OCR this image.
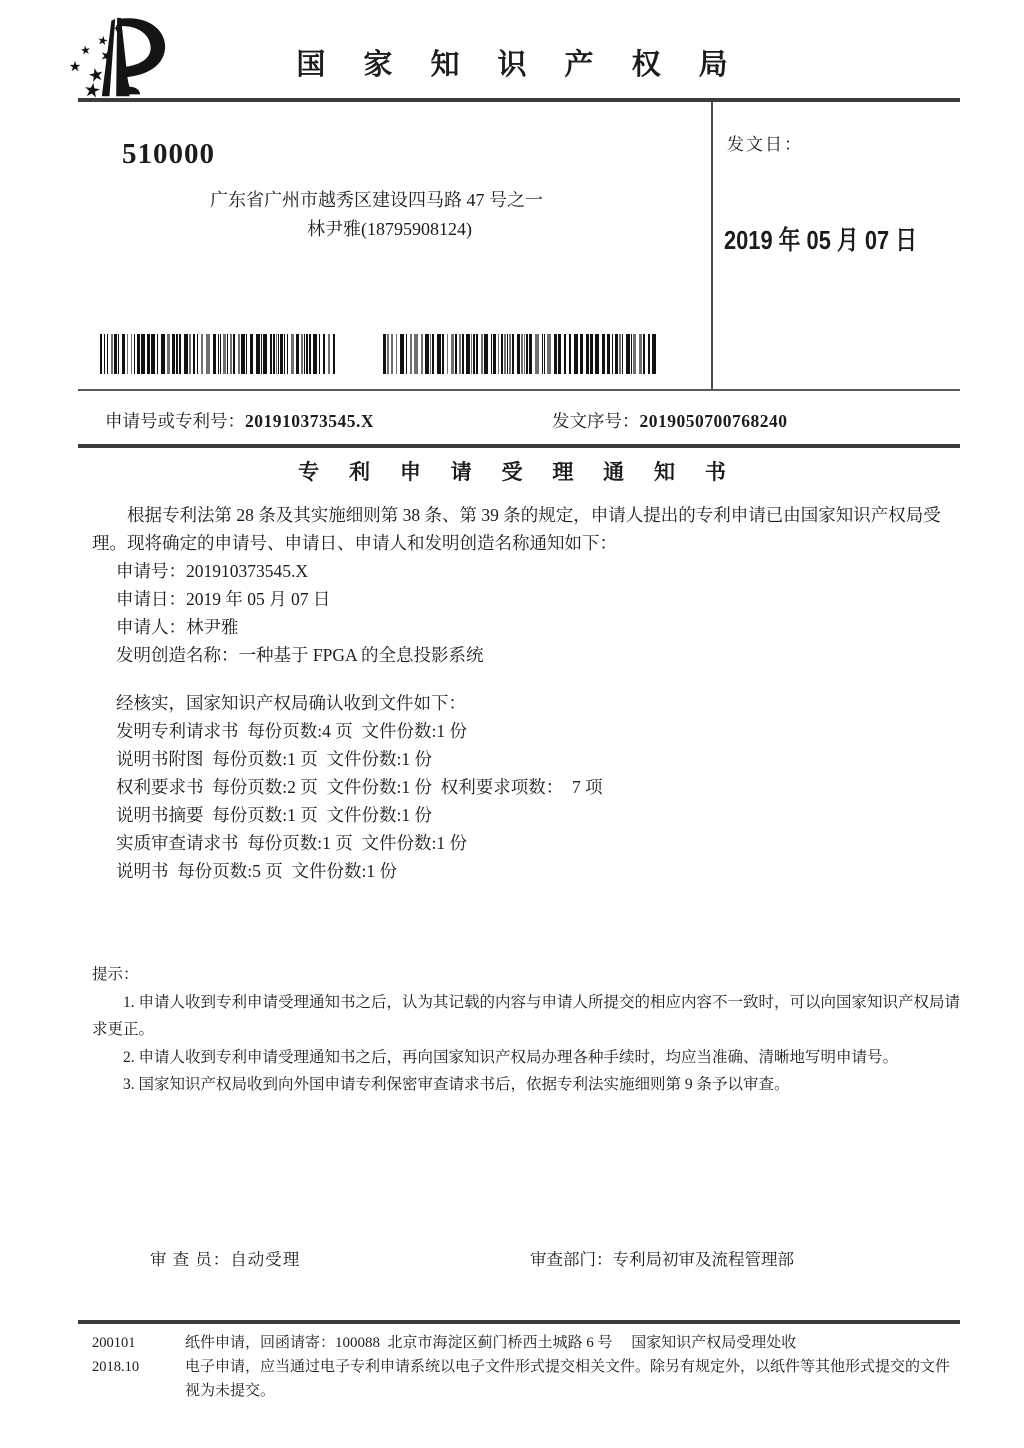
国 家 知 识 产 权 局
510000
广东省广州市越秀区建设四马路 47 号之一
林尹雅(18795908124)
发文日：
2019 年 05 月 07 日
申请号或专利号：201910373545.X	发文序号：2019050700768240
专 利 申 请 受 理 通 知 书
根据专利法第 28 条及其实施细则第 38 条、第 39 条的规定，申请人提出的专利申请已由国家知识产权局受理。现将确定的申请号、申请日、申请人和发明创造名称通知如下：
申请号：201910373545.X
申请日：2019 年 05 月 07 日
申请人：林尹雅
发明创造名称：一种基于 FPGA 的全息投影系统
经核实，国家知识产权局确认收到文件如下：
发明专利请求书  每份页数:4 页  文件份数:1 份
说明书附图  每份页数:1 页  文件份数:1 份
权利要求书  每份页数:2 页  文件份数:1 份  权利要求项数：  7 项
说明书摘要  每份页数:1 页  文件份数:1 份
实质审查请求书  每份页数:1 页  文件份数:1 份
说明书  每份页数:5 页  文件份数:1 份
提示：
1. 申请人收到专利申请受理通知书之后，认为其记载的内容与申请人所提交的相应内容不一致时，可以向国家知识产权局请求更正。
2. 申请人收到专利申请受理通知书之后，再向国家知识产权局办理各种手续时，均应当准确、清晰地写明申请号。
3. 国家知识产权局收到向外国申请专利保密审查请求书后，依据专利法实施细则第 9 条予以审查。
审 查 员：自动受理	审查部门：专利局初审及流程管理部
200101
2018.10
纸件申请，回函请寄：100088  北京市海淀区蓟门桥西土城路 6 号　 国家知识产权局受理处收
电子申请，应当通过电子专利申请系统以电子文件形式提交相关文件。除另有规定外，以纸件等其他形式提交的文件视为未提交。
